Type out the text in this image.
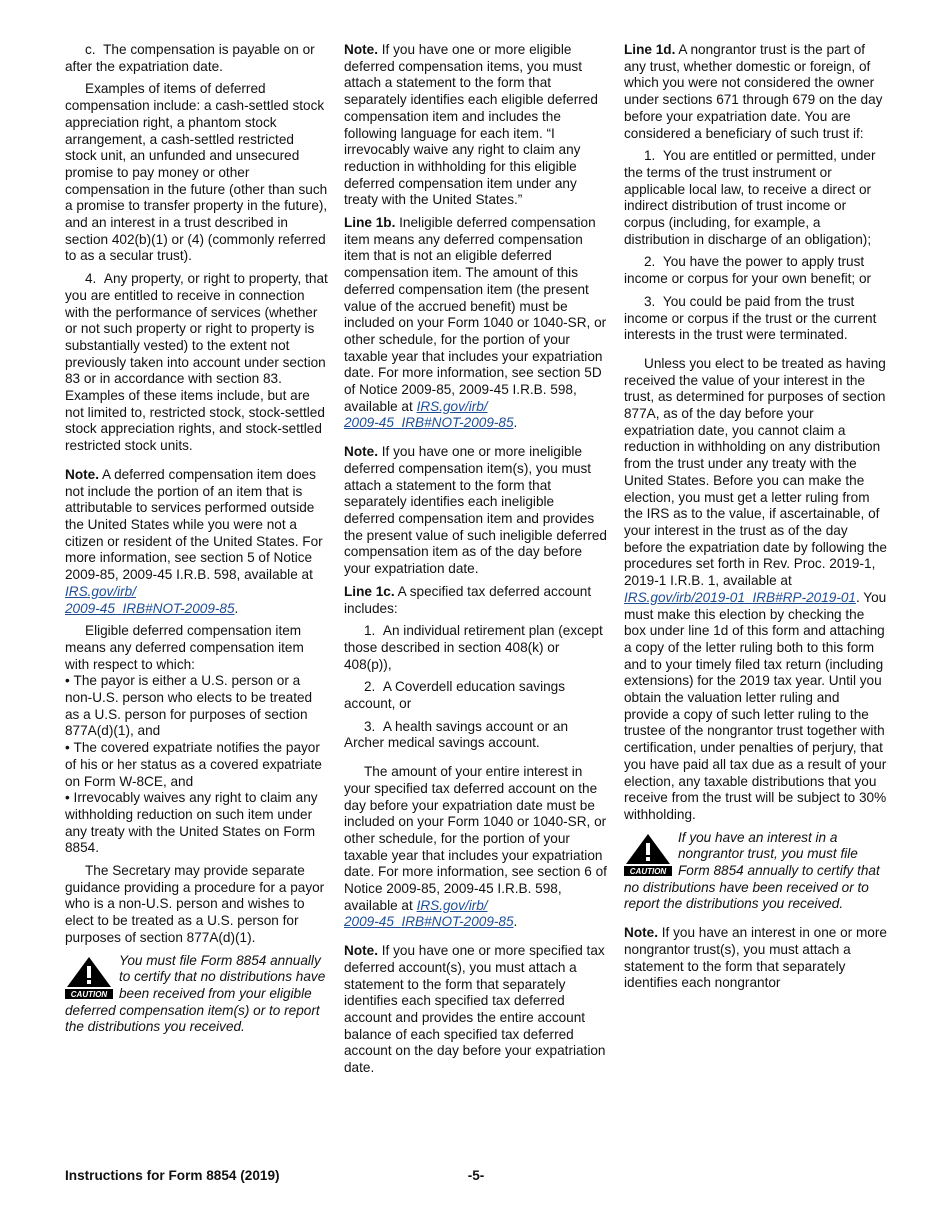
c.  The compensation is payable on or after the expatriation date.

Examples of items of deferred compensation include: a cash-settled stock appreciation right, a phantom stock arrangement, a cash-settled restricted stock unit, an unfunded and unsecured promise to pay money or other compensation in the future (other than such a promise to transfer property in the future), and an interest in a trust described in section 402(b)(1) or (4) (commonly referred to as a secular trust).

4.  Any property, or right to property, that you are entitled to receive in connection with the performance of services (whether or not such property or right to property is substantially vested) to the extent not previously taken into account under section 83 or in accordance with section 83. Examples of these items include, but are not limited to, restricted stock, stock-settled stock appreciation rights, and stock-settled restricted stock units.

Note. A deferred compensation item does not include the portion of an item that is attributable to services performed outside the United States while you were not a citizen or resident of the United States. For more information, see section 5 of Notice 2009-85, 2009-45 I.R.B. 598, available at IRS.gov/irb/
2009-45_IRB#NOT-2009-85.

Eligible deferred compensation item means any deferred compensation item with respect to which:

• The payor is either a U.S. person or a non-U.S. person who elects to be treated as a U.S. person for purposes of section 877A(d)(1), and

• The covered expatriate notifies the payor of his or her status as a covered expatriate on Form W-8CE, and

• Irrevocably waives any right to claim any withholding reduction on such item under any treaty with the United States on Form 8854.

The Secretary may provide separate guidance providing a procedure for a payor who is a non-U.S. person and wishes to elect to be treated as a U.S. person for purposes of section 877A(d)(1).

CAUTION

You must file Form 8854 annually to certify that no distributions have been received from your eligible deferred compensation item(s) or to report the distributions you received.

Note. If you have one or more eligible deferred compensation items, you must attach a statement to the form that separately identifies each eligible deferred compensation item and includes the following language for each item. “I irrevocably waive any right to claim any reduction in withholding for this eligible deferred compensation item under any treaty with the United States.”

Line 1b. Ineligible deferred compensation item means any deferred compensation item that is not an eligible deferred compensation item. The amount of this deferred compensation item (the present value of the accrued benefit) must be included on your Form 1040 or 1040-SR, or other schedule, for the portion of your taxable year that includes your expatriation date. For more information, see section 5D of Notice 2009-85, 2009-45 I.R.B. 598, available at IRS.gov/irb/
2009-45_IRB#NOT-2009-85.

Note. If you have one or more ineligible deferred compensation item(s), you must attach a statement to the form that separately identifies each ineligible deferred compensation item and provides the present value of such ineligible deferred compensation item as of the day before your expatriation date.

Line 1c. A specified tax deferred account includes:

1.  An individual retirement plan (except those described in section 408(k) or 408(p)),

2.  A Coverdell education savings account, or

3.  A health savings account or an Archer medical savings account.

The amount of your entire interest in your specified tax deferred account on the day before your expatriation date must be included on your Form 1040 or 1040-SR, or other schedule, for the portion of your taxable year that includes your expatriation date. For more information, see section 6 of Notice 2009-85, 2009-45 I.R.B. 598, available at IRS.gov/irb/
2009-45_IRB#NOT-2009-85.

Note. If you have one or more specified tax deferred account(s), you must attach a statement to the form that separately identifies each specified tax deferred account and provides the entire account balance of each specified tax deferred account on the day before your expatriation date.

Line 1d. A nongrantor trust is the part of any trust, whether domestic or foreign, of which you were not considered the owner under sections 671 through 679 on the day before your expatriation date. You are considered a beneficiary of such trust if:

1.  You are entitled or permitted, under the terms of the trust instrument or applicable local law, to receive a direct or indirect distribution of trust income or corpus (including, for example, a distribution in discharge of an obligation);

2.  You have the power to apply trust income or corpus for your own benefit; or

3.  You could be paid from the trust income or corpus if the trust or the current interests in the trust were terminated.

Unless you elect to be treated as having received the value of your interest in the trust, as determined for purposes of section 877A, as of the day before your expatriation date, you cannot claim a reduction in withholding on any distribution from the trust under any treaty with the United States. Before you can make the election, you must get a letter ruling from the IRS as to the value, if ascertainable, of your interest in the trust as of the day before the expatriation date by following the procedures set forth in Rev. Proc. 2019-1, 2019-1 I.R.B. 1, available at IRS.gov/irb/2019-01_IRB#RP-2019-01. You must make this election by checking the box under line 1d of this form and attaching a copy of the letter ruling both to this form and to your timely filed tax return (including extensions) for the 2019 tax year. Until you obtain the valuation letter ruling and provide a copy of such letter ruling to the trustee of the nongrantor trust together with certification, under penalties of perjury, that you have paid all tax due as a result of your election, any taxable distributions that you receive from the trust will be subject to 30% withholding.

CAUTION

If you have an interest in a nongrantor trust, you must file Form 8854 annually to certify that no distributions have been received or to report the distributions you received.

Note. If you have an interest in one or more nongrantor trust(s), you must attach a statement to the form that separately identifies each nongrantor

Instructions for Form 8854 (2019)	-5-
